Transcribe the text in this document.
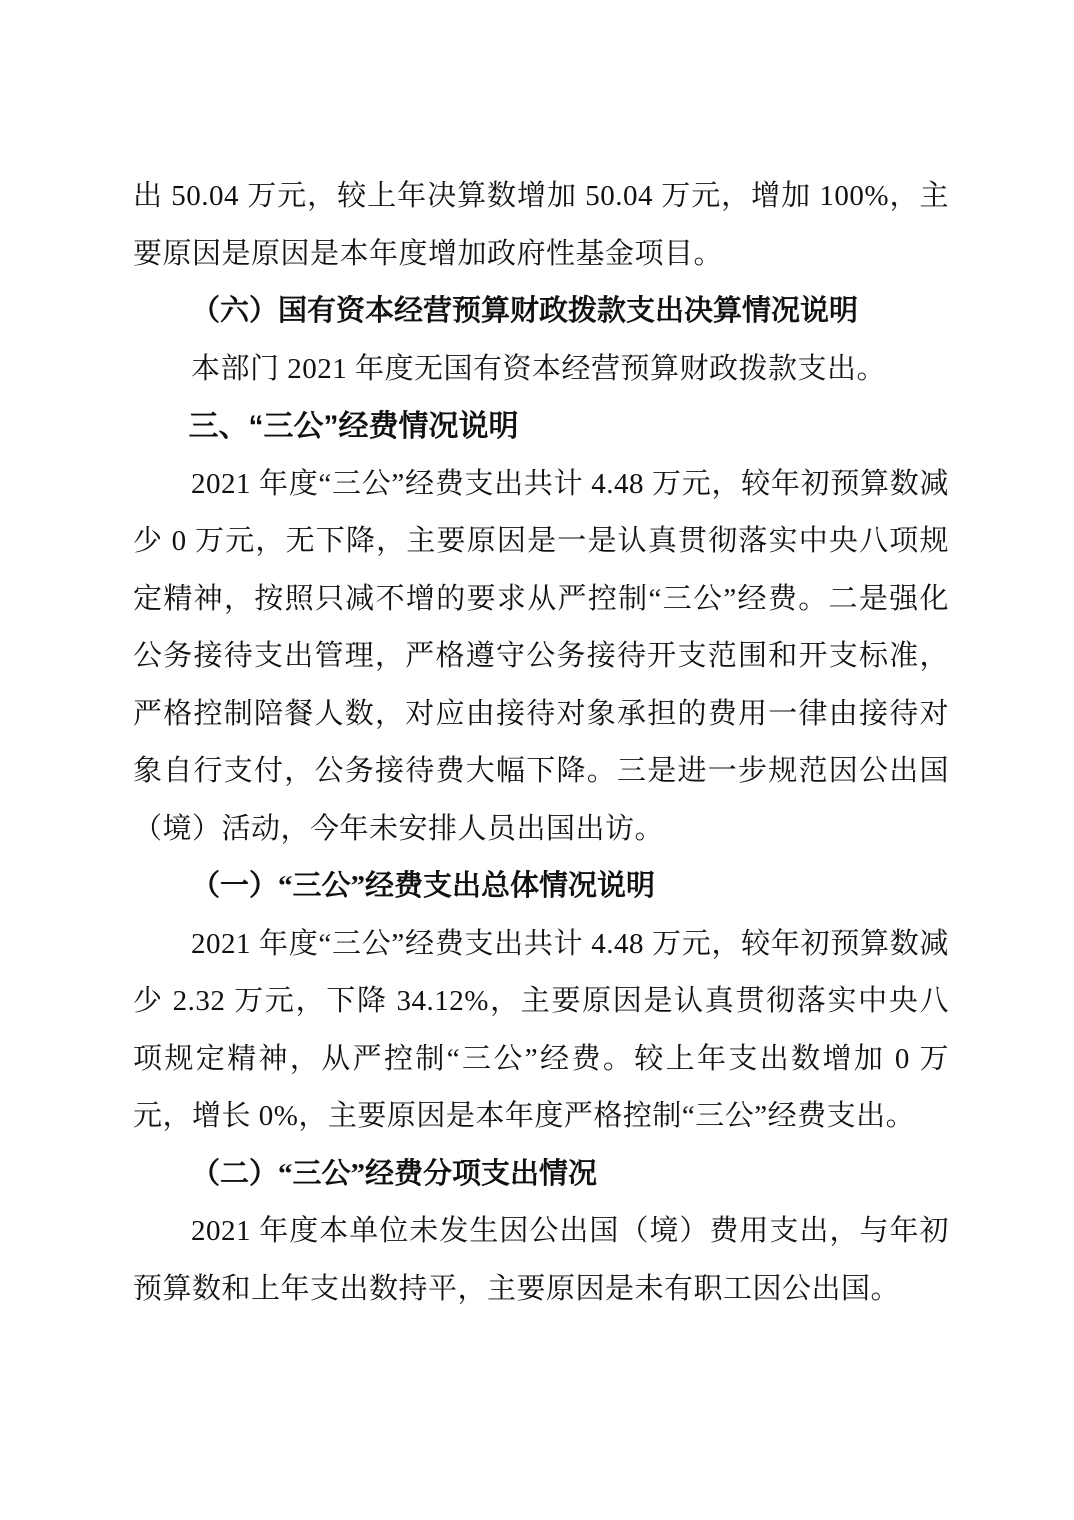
出 50.04 万元，较上年决算数增加 50.04 万元，增加 100%，主要原因是原因是本年度增加政府性基金项目。

（六）国有资本经营预算财政拨款支出决算情况说明

本部门 2021 年度无国有资本经营预算财政拨款支出。

三、“三公”经费情况说明

2021 年度“三公”经费支出共计 4.48 万元，较年初预算数减少 0 万元，无下降，主要原因是一是认真贯彻落实中央八项规定精神，按照只减不增的要求从严控制“三公”经费。二是强化公务接待支出管理，严格遵守公务接待开支范围和开支标准，严格控制陪餐人数，对应由接待对象承担的费用一律由接待对象自行支付，公务接待费大幅下降。三是进一步规范因公出国（境）活动，今年未安排人员出国出访。

（一）“三公”经费支出总体情况说明

2021 年度“三公”经费支出共计 4.48 万元，较年初预算数减少 2.32 万元，下降 34.12%，主要原因是认真贯彻落实中央八项规定精神，从严控制“三公”经费。较上年支出数增加 0 万元，增长 0%，主要原因是本年度严格控制“三公”经费支出。

（二）“三公”经费分项支出情况

2021 年度本单位未发生因公出国（境）费用支出，与年初预算数和上年支出数持平，主要原因是未有职工因公出国。
